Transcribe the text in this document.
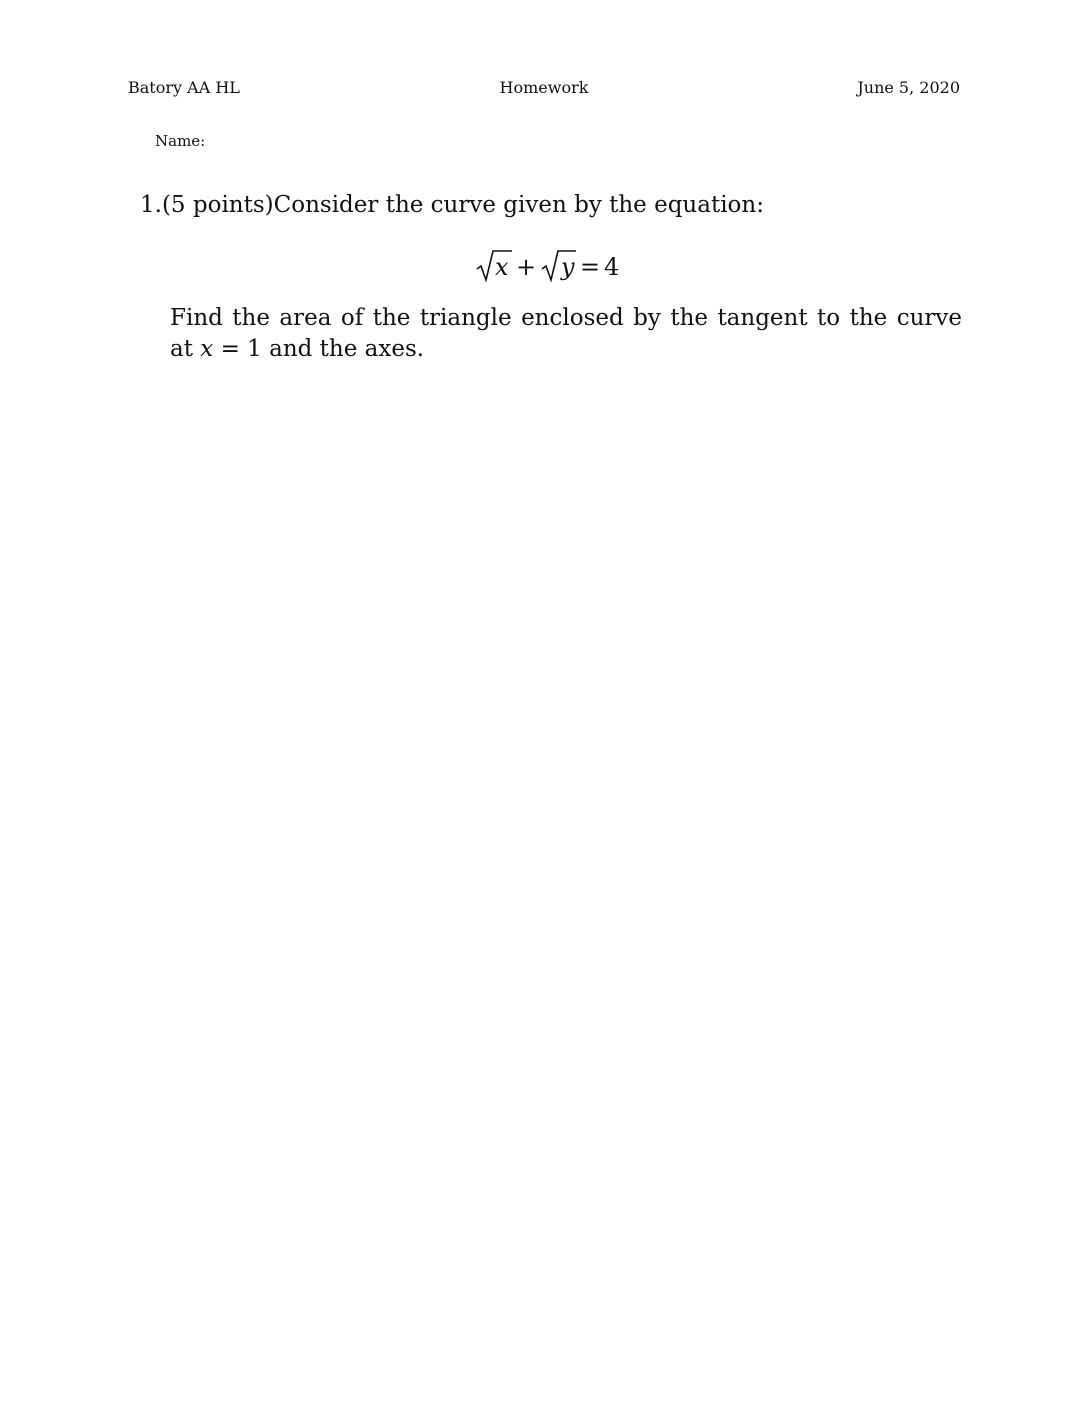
Batory AA HL	Homework	June 5, 2020
Name:
1.(5 points)Consider the curve given by the equation:
x + y = 4
Find the area of the triangle enclosed by the tangent to the curve at x = 1 and the axes.
